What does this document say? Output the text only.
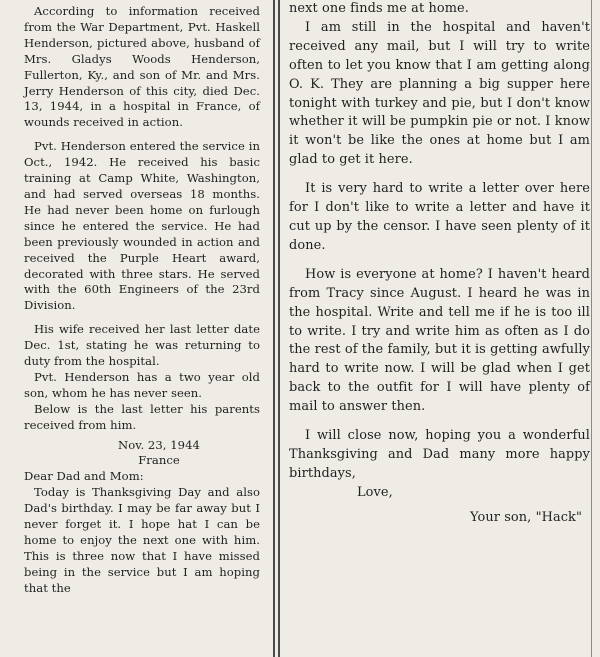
According to information received from the War Department, Pvt. Haskell Henderson, pictured above, husband of Mrs. Gladys Woods Henderson, Fullerton, Ky., and son of Mr. and Mrs. Jerry Henderson of this city, died Dec. 13, 1944, in a hospital in France, of wounds received in action.

Pvt. Henderson entered the service in Oct., 1942. He received his basic training at Camp White, Washington, and had served overseas 18 months. He had never been home on furlough since he entered the service. He had been previously wounded in action and received the Purple Heart award, decorated with three stars. He served with the 60th Engineers of the 23rd Division.

His wife received her last letter date Dec. 1st, stating he was returning to duty from the hospital.

Pvt. Henderson has a two year old son, whom he has never seen.

Below is the last letter his parents received from him.

Nov. 23, 1944

France

Dear Dad and Mom:

Today is Thanksgiving Day and also Dad's birthday. I may be far away but I never forget it. I hope hat I can be home to enjoy the next one with him. This is three now that I have missed being in the service but I am hoping that the

next one finds me at home.

I am still in the hospital and haven't received any mail, but I will try to write often to let you know that I am getting along O. K. They are planning a big supper here tonight with turkey and pie, but I don't know whether it will be pumpkin pie or not. I know it won't be like the ones at home but I am glad to get it here.

It is very hard to write a letter over here for I don't like to write a letter and have it cut up by the censor. I have seen plenty of it done.

How is everyone at home? I haven't heard from Tracy since August. I heard he was in the hospital. Write and tell me if he is too ill to write. I try and write him as often as I do the rest of the family, but it is getting awfully hard to write now. I will be glad when I get back to the outfit for I will have plenty of mail to answer then.

I will close now, hoping you a wonderful Thanksgiving and Dad many more happy birthdays,

Love,

Your son, "Hack"
